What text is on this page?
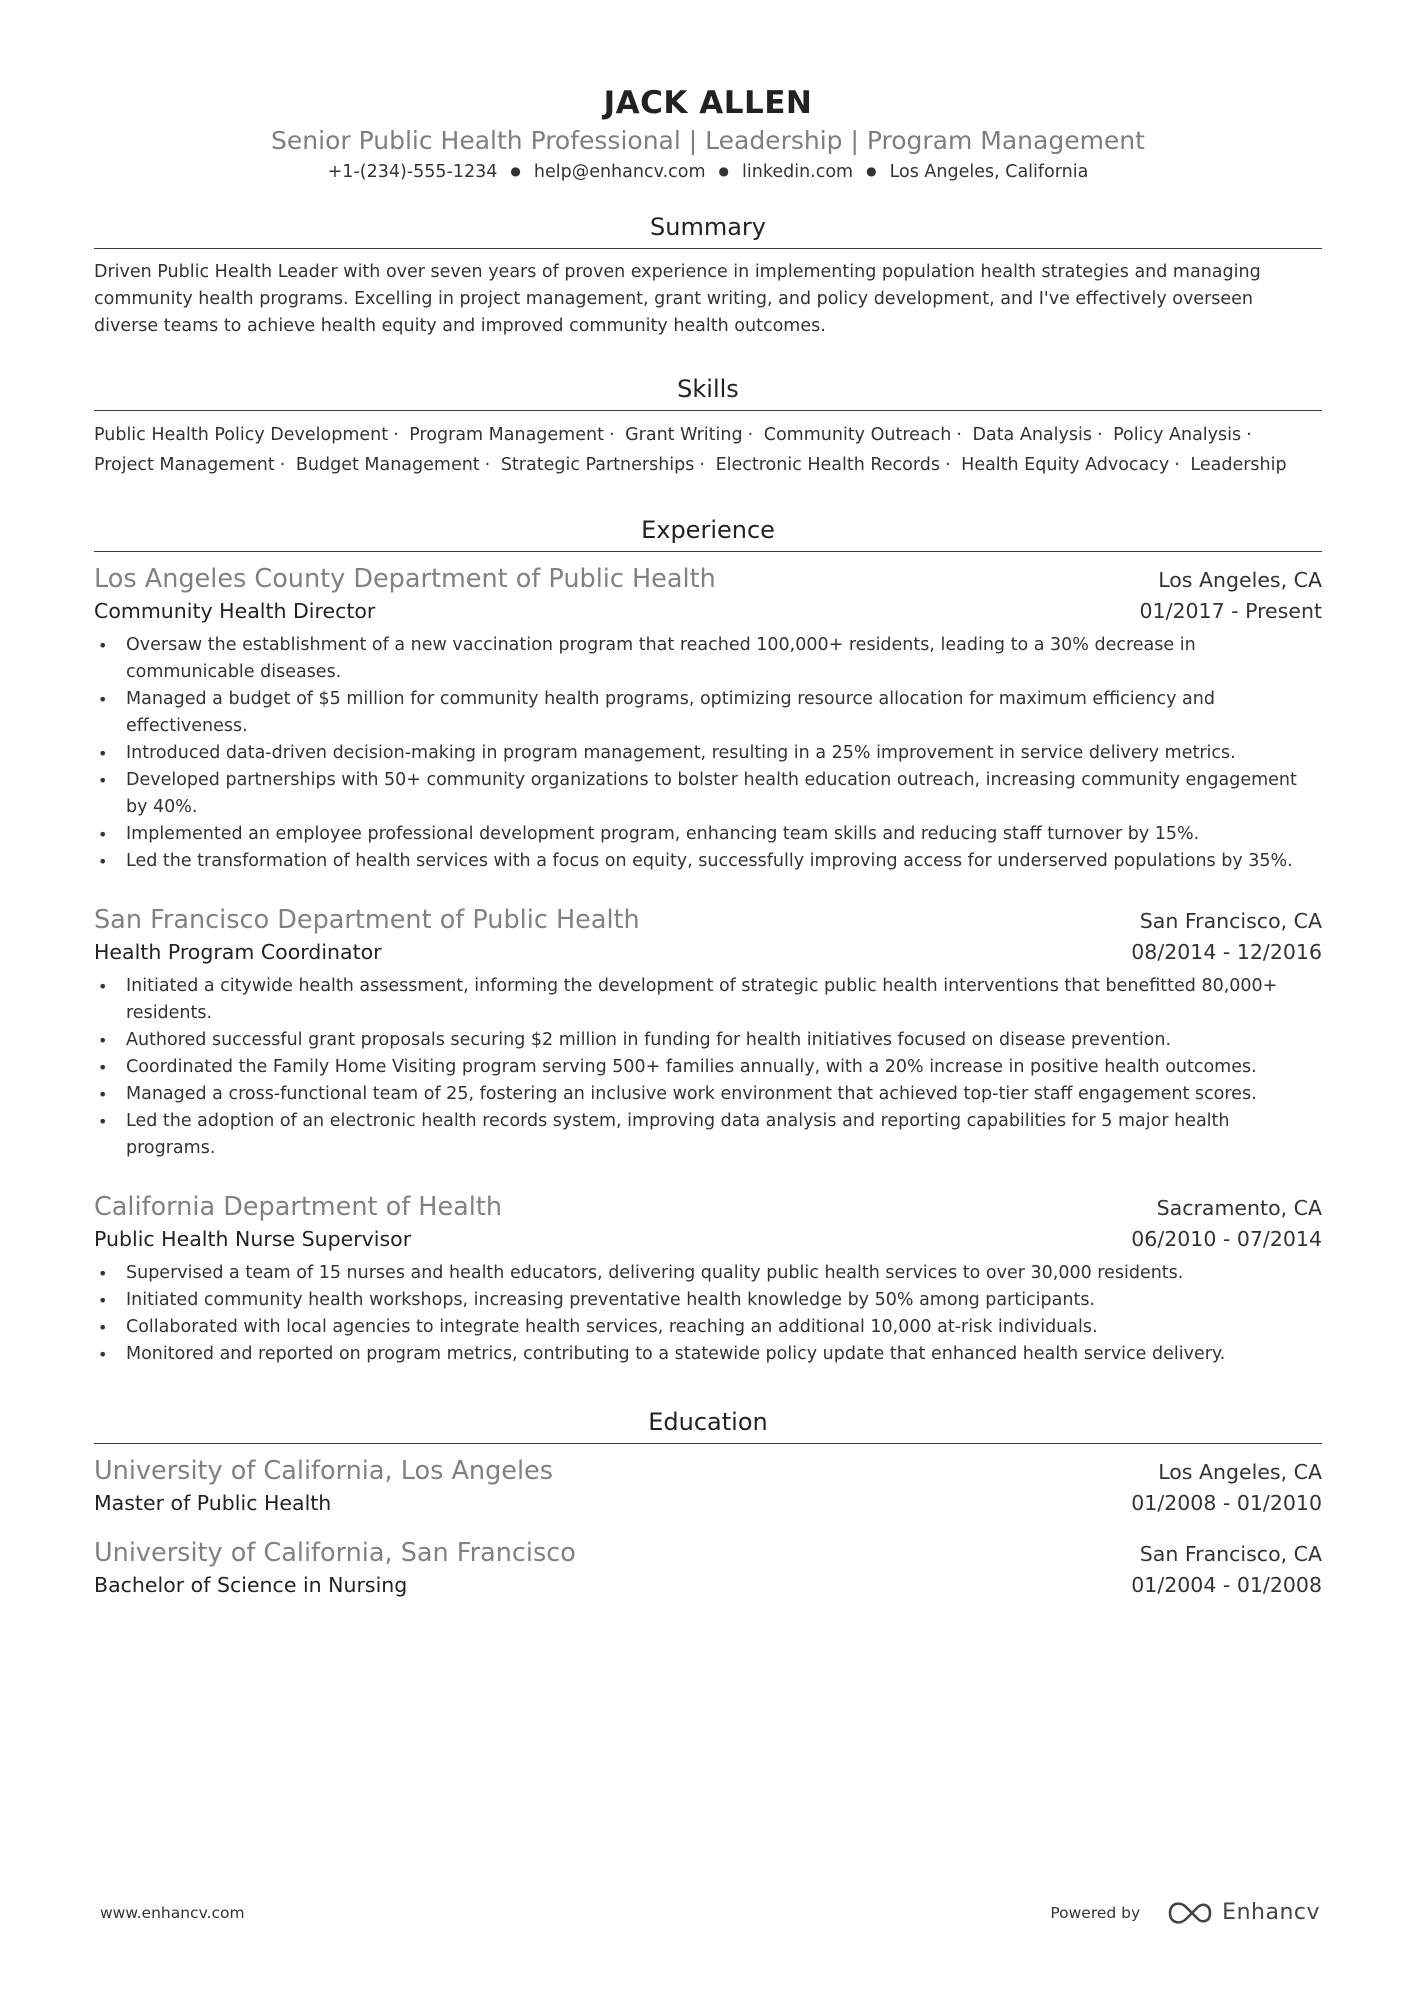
JACK ALLEN
Senior Public Health Professional | Leadership | Program Management
+1-(234)-555-1234 ● help@enhancv.com ● linkedin.com ● Los Angeles, California
Summary
Driven Public Health Leader with over seven years of proven experience in implementing population health strategies and managing
community health programs. Excelling in project management, grant writing, and policy development, and I've effectively overseen
diverse teams to achieve health equity and improved community health outcomes.
Skills
Public Health Policy Development · Program Management · Grant Writing · Community Outreach · Data Analysis · Policy Analysis · Project Management · Budget Management · Strategic Partnerships · Electronic Health Records · Health Equity Advocacy · Leadership
Experience
Los Angeles County Department of Public Health	Los Angeles, CA
Community Health Director	01/2017 - Present
• Oversaw the establishment of a new vaccination program that reached 100,000+ residents, leading to a 30% decrease in communicable diseases.
• Managed a budget of $5 million for community health programs, optimizing resource allocation for maximum efficiency and effectiveness.
• Introduced data-driven decision-making in program management, resulting in a 25% improvement in service delivery metrics.
• Developed partnerships with 50+ community organizations to bolster health education outreach, increasing community engagement by 40%.
• Implemented an employee professional development program, enhancing team skills and reducing staff turnover by 15%.
• Led the transformation of health services with a focus on equity, successfully improving access for underserved populations by 35%.
San Francisco Department of Public Health	San Francisco, CA
Health Program Coordinator	08/2014 - 12/2016
• Initiated a citywide health assessment, informing the development of strategic public health interventions that benefitted 80,000+ residents.
• Authored successful grant proposals securing $2 million in funding for health initiatives focused on disease prevention.
• Coordinated the Family Home Visiting program serving 500+ families annually, with a 20% increase in positive health outcomes.
• Managed a cross-functional team of 25, fostering an inclusive work environment that achieved top-tier staff engagement scores.
• Led the adoption of an electronic health records system, improving data analysis and reporting capabilities for 5 major health programs.
California Department of Health	Sacramento, CA
Public Health Nurse Supervisor	06/2010 - 07/2014
• Supervised a team of 15 nurses and health educators, delivering quality public health services to over 30,000 residents.
• Initiated community health workshops, increasing preventative health knowledge by 50% among participants.
• Collaborated with local agencies to integrate health services, reaching an additional 10,000 at-risk individuals.
• Monitored and reported on program metrics, contributing to a statewide policy update that enhanced health service delivery.
Education
University of California, Los Angeles	Los Angeles, CA
Master of Public Health	01/2008 - 01/2010
University of California, San Francisco	San Francisco, CA
Bachelor of Science in Nursing	01/2004 - 01/2008
www.enhancv.com	Powered by	Enhancv
